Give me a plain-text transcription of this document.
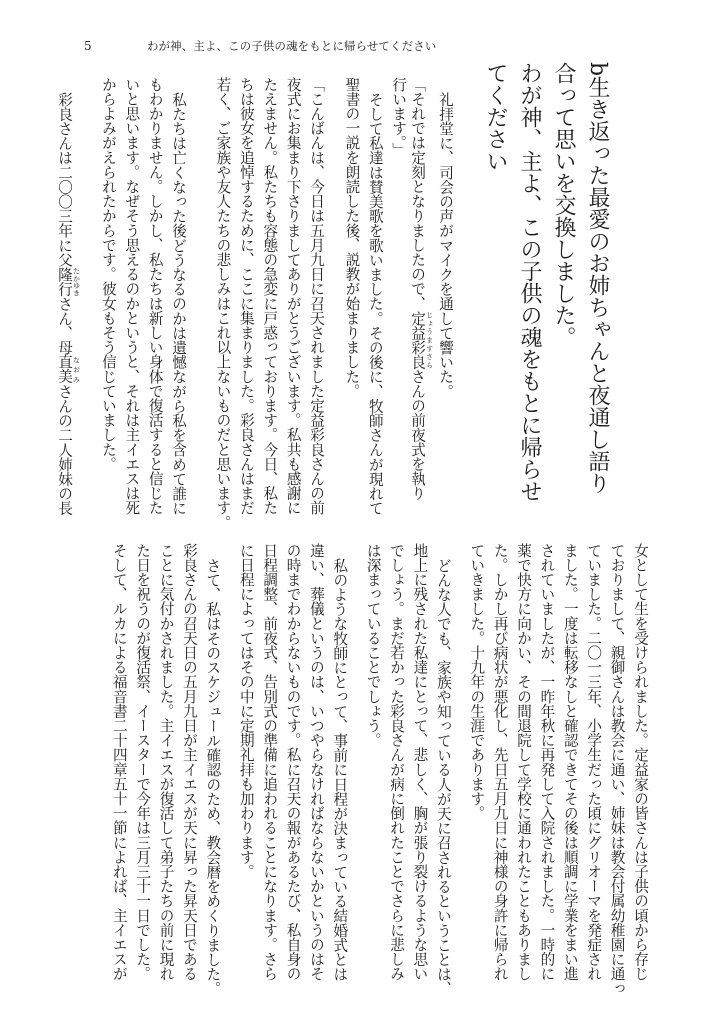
5	わが神、主よ、この子供の魂をもとに帰らせてください
b生き返った最愛のお姉ちゃんと夜通し語り
合って思いを交換しました。
わが神、主よ、この子供の魂をもとに帰らせ
てください
礼拝堂に、司会の声がマイクを通して響いた。
「それでは定刻となりましたので、定益彩良 じょうますさらさんの前夜式を執り
行います。」
そして私達は賛美歌を歌いました。その後に、牧師さんが現れて
聖書の一説を朗読した後、説教が始まりました。
「こんばんは、今日は五月九日に召天されました定益彩良さんの前
夜式にお集まり下さりましてありがとうございます。私共も感謝に
たえません。私たちも容態の急変に戸惑っております。今日、私た
ちは彼女を追悼するために、ここに集まりました。彩良さんはまだ
若く、ご家族や友人たちの悲しみはこれ以上ないものだと思います。
私たちは亡くなった後どうなるのかは遺憾ながら私を含めて誰に
もわかりません。しかし、私たちは新しい身体で復活すると信じた
いと思います。なぜそう思えるのかというと、それは主イエスは死
からよみがえられたからです。彼女もそう信じていました。
彩良さんは二〇〇三年に父隆行 たかゆきさん、母直美 なおみさんの二人姉妹の長
女として生を受けられました。定益家の皆さんは子供の頃から存じ
ておりまして、親御さんは教会に通い、姉妹は教会付属幼稚園に通っ
ていました。二〇一三年、小学生だった頃にグリオーマを発症され
ました。一度は転移なしと確認できてその後は順調に学業をまい進
されていましたが、一昨年秋に再発して入院されました。一時的に
薬で快方に向かい、その間退院して学校に通われたこともありまし
た。しかし再び病状が悪化し、先日五月九日に神様の身許に帰られ
ていきました。十九年の生涯であります。
どんな人でも、家族や知っている人が天に召されるということは、
地上に残された私達にとって、悲しく、胸が張り裂けるような思い
でしょう。まだ若かった彩良さんが病に倒れたことでさらに悲しみ
は深まっていることでしょう。
私のような牧師にとって、事前に日程が決まっている結婚式とは
違い、葬儀というのは、いつやらなければならないかというのはそ
の時までわからないものです。私に召天の報があるたび、私自身の
日程調整、前夜式、告別式の準備に追われることになります。さら
に日程によってはその中に定期礼拝も加わります。
さて、私はそのスケジュール確認のため、教会暦をめくりました。
彩良さんの召天日の五月九日が主イエスが天に昇った昇天日である
ことに気付かされました。主イエスが復活して弟子たちの前に現れ
た日を祝うのが復活祭、イースターで今年は三月三十一日でした。
そして、ルカによる福音書二十四章五十一節によれば、主イエスが
